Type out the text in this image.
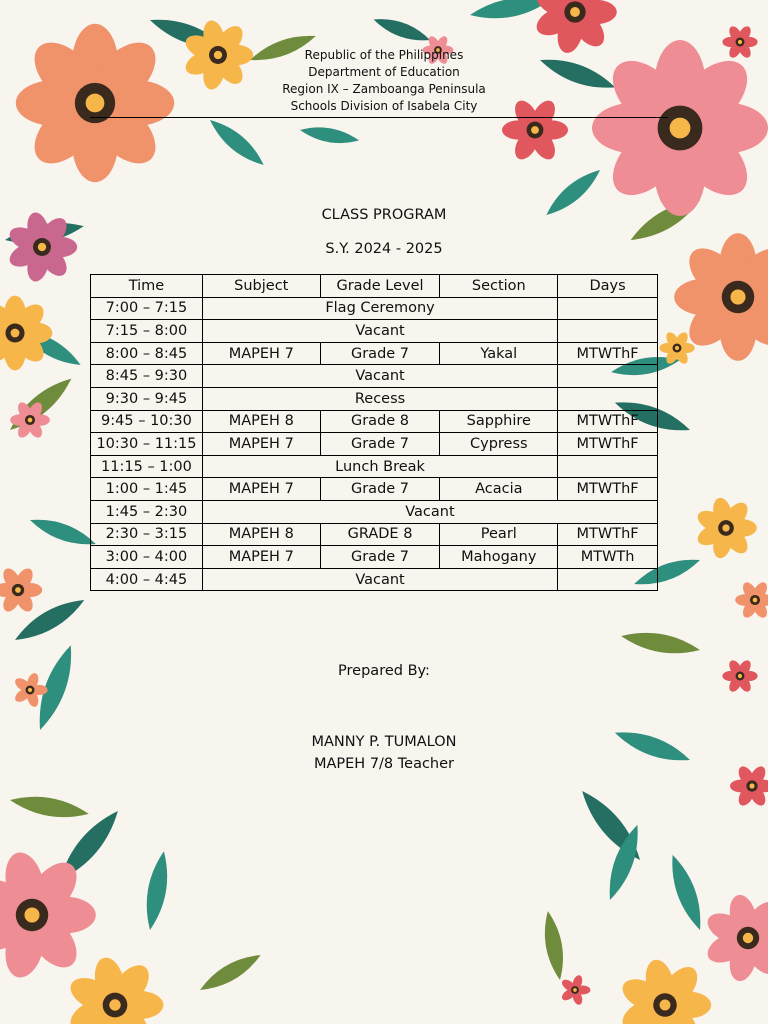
Republic of the Philippines
Department of Education
Region IX – Zamboanga Peninsula
Schools Division of Isabela City
CLASS PROGRAM
S.Y. 2024 - 2025
Time	Subject	Grade Level	Section	Days
7:00 – 7:15	Flag Ceremony			
7:15 – 8:00	Vacant			
8:00 – 8:45	MAPEH 7	Grade 7	Yakal	MTWThF
8:45 – 9:30	Vacant			
9:30 – 9:45	Recess			
9:45 – 10:30	MAPEH 8	Grade 8	Sapphire	MTWThF
10:30 – 11:15	MAPEH 7	Grade 7	Cypress	MTWThF
11:15 – 1:00	Lunch Break			
1:00 – 1:45	MAPEH 7	Grade 7	Acacia	MTWThF
1:45 – 2:30	Vacant			
2:30 – 3:15	MAPEH 8	GRADE 8	Pearl	MTWThF
3:00 – 4:00	MAPEH 7	Grade 7	Mahogany	MTWTh
4:00 – 4:45	Vacant			
Prepared By:
MANNY P. TUMALON
MAPEH 7/8 Teacher
